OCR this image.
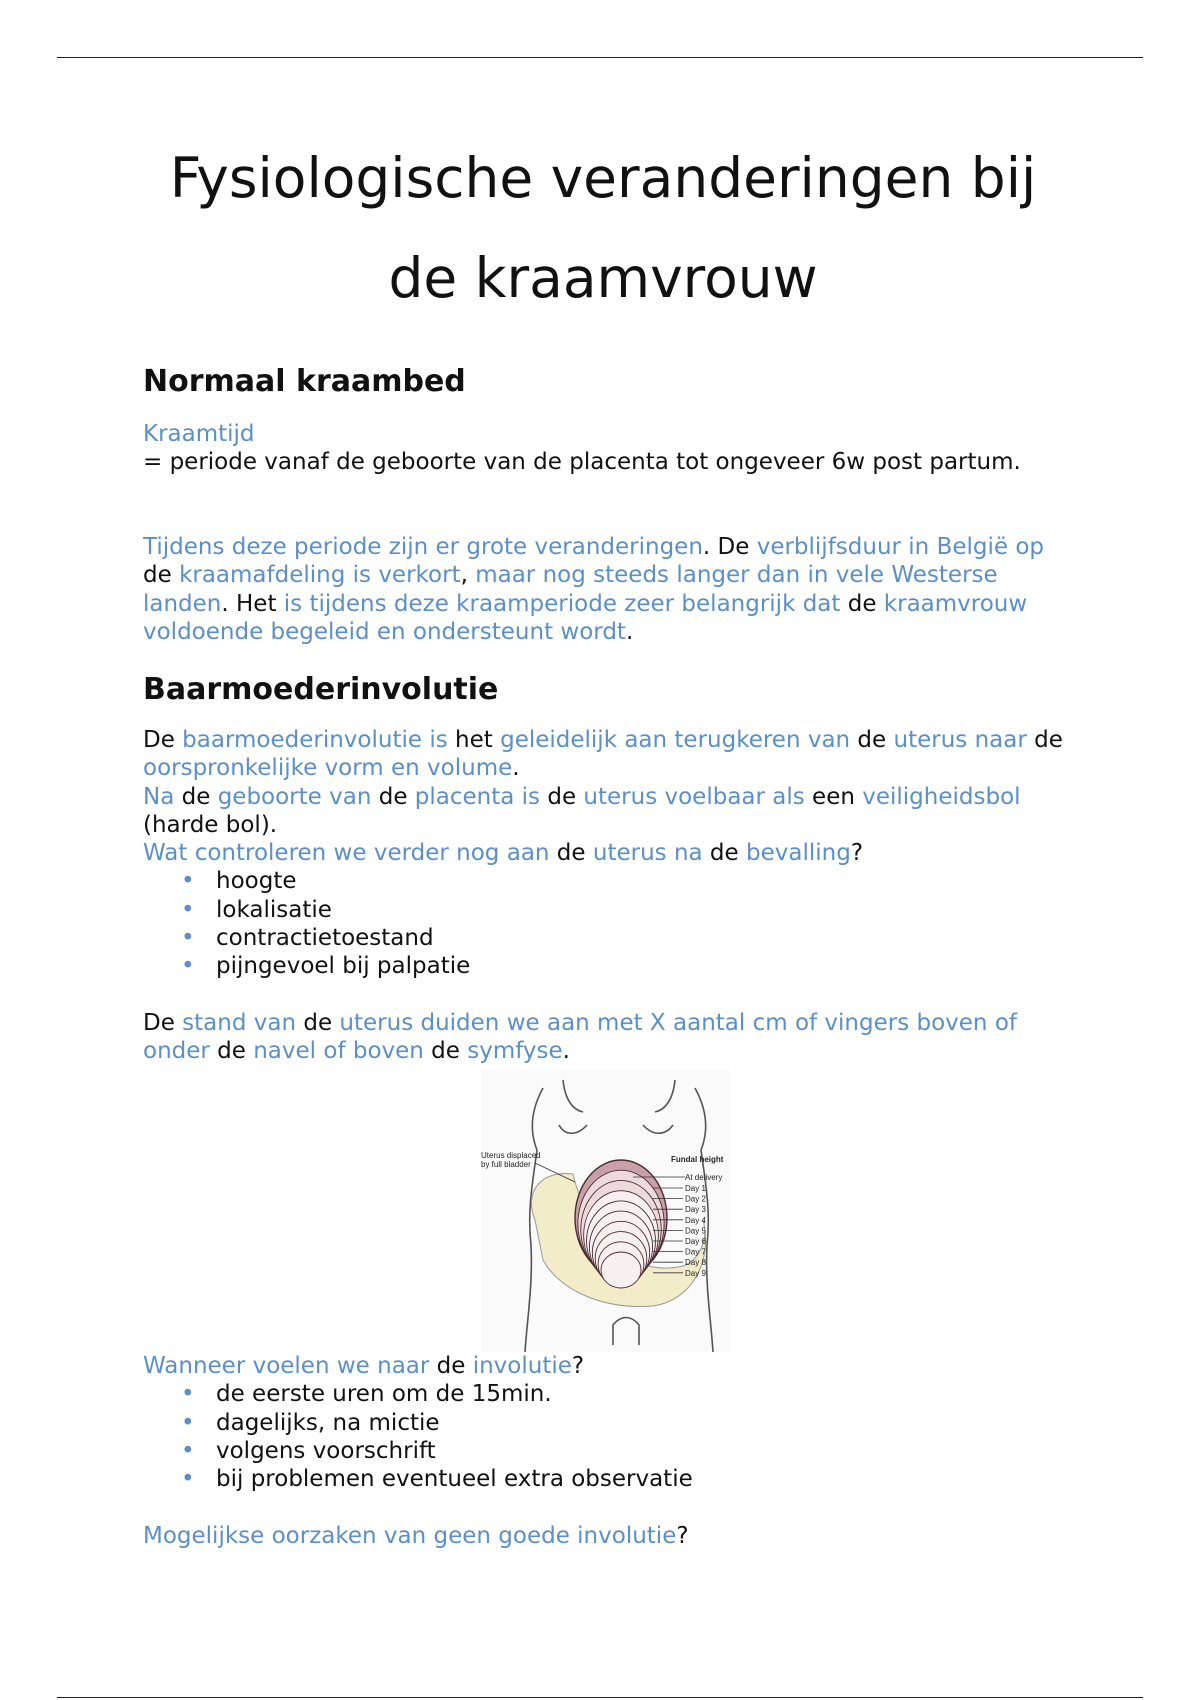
Fysiologische veranderingen bij
de kraamvrouw
Normaal kraambed

Kraamtijd
= periode vanaf de geboorte van de placenta tot ongeveer 6w post partum.

Tijdens deze periode zijn er grote veranderingen. De verblijfsduur in België op de kraamafdeling is verkort, maar nog steeds langer dan in vele Westerse landen. Het is tijdens deze kraamperiode zeer belangrijk dat de kraamvrouw voldoende begeleid en ondersteunt wordt.

Baarmoederinvolutie
De baarmoederinvolutie is het geleidelijk aan terugkeren van de uterus naar de oorspronkelijke vorm en volume.
Na de geboorte van de placenta is de uterus voelbaar als een veiligheidsbol (harde bol).
Wat controleren we verder nog aan de uterus na de bevalling?
• hoogte
• lokalisatie
• contractietoestand
• pijngevoel bij palpatie

De stand van de uterus duiden we aan met X aantal cm of vingers boven of onder de navel of boven de symfyse.

Uterus displaced
by full bladder
Fundal height
At delivery
Day 1
Day 2
Day 3
Day 4
Day 5
Day 6
Day 7
Day 8
Day 9
Wanneer voelen we naar de involutie?
• de eerste uren om de 15min.
• dagelijks, na mictie
• volgens voorschrift
• bij problemen eventueel extra observatie

Mogelijkse oorzaken van geen goede involutie?
